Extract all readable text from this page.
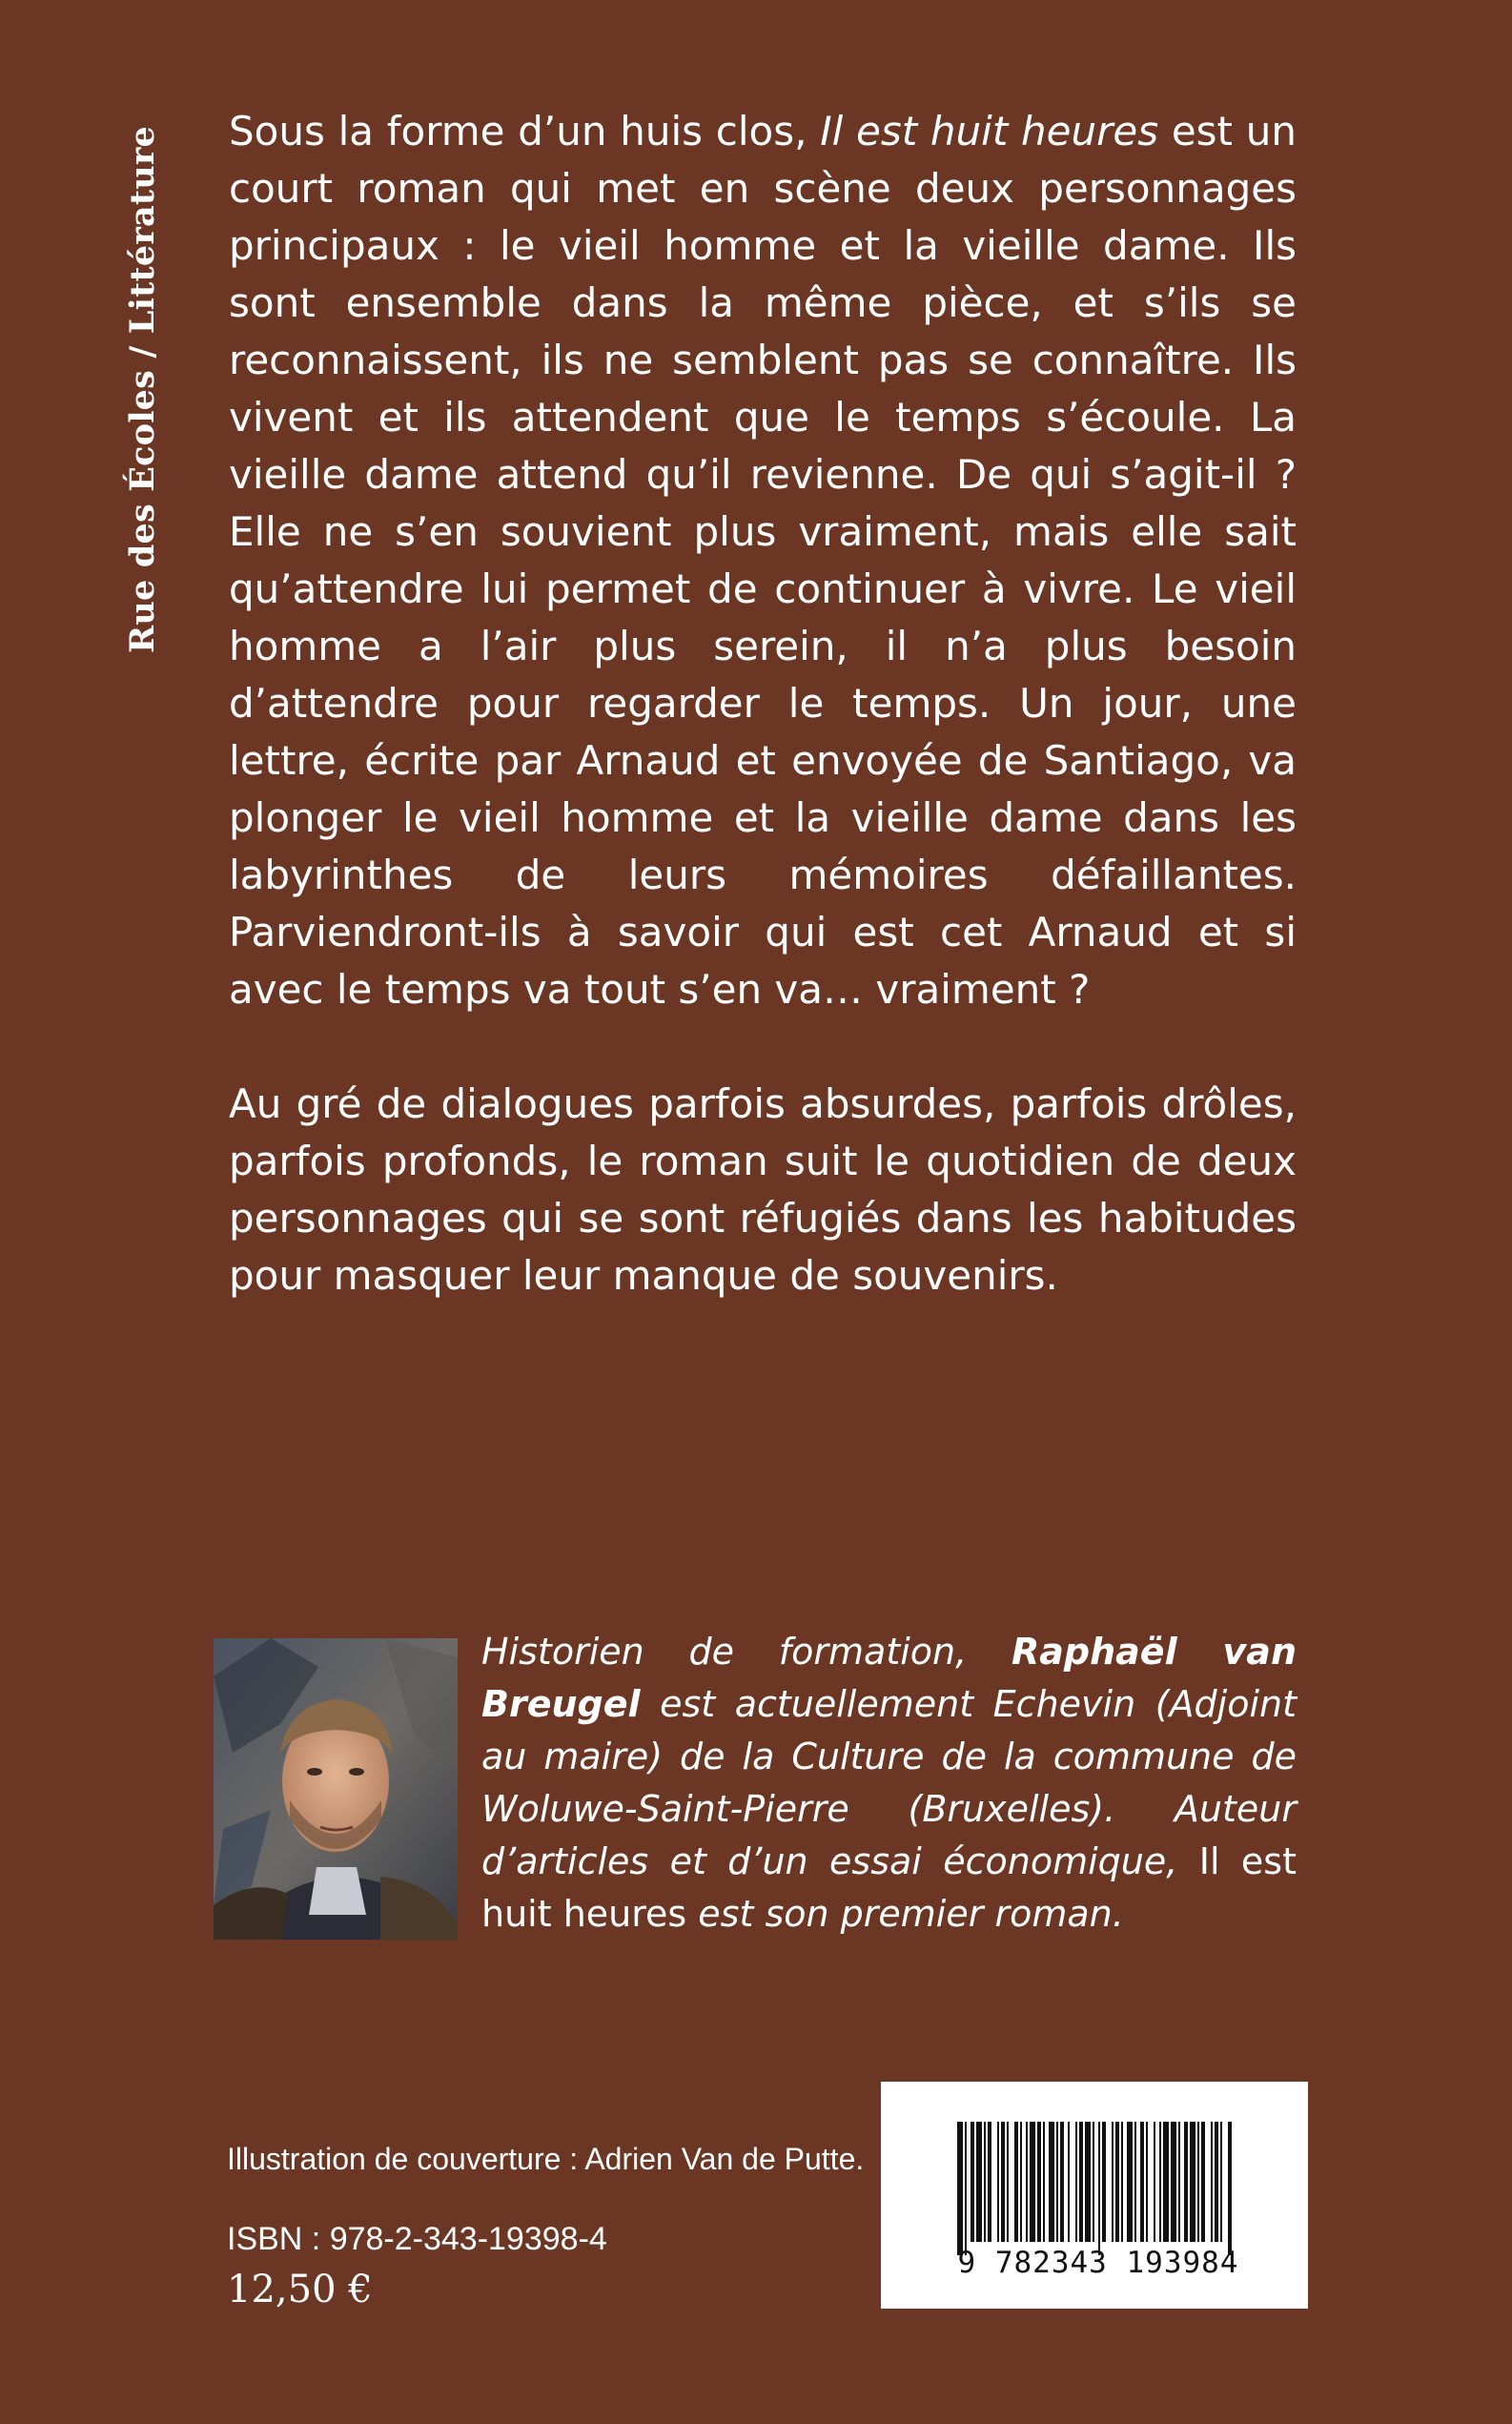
Rue des Écoles / Littérature Sous la forme d’un huis clos, Il est huit heures est un court roman qui met en scène deux personnages principaux : le vieil homme et la vieille dame. Ils sont ensemble dans la même pièce, et s’ils se reconnaissent, ils ne semblent pas se connaître. Ils vivent et ils attendent que le temps s’écoule. La vieille dame attend qu’il revienne. De qui s’agit-il ? Elle ne s’en souvient plus vraiment, mais elle sait qu’attendre lui permet de continuer à vivre. Le vieil homme a l’air plus serein, il n’a plus besoin d’attendre pour regarder le temps. Un jour, une lettre, écrite par Arnaud et envoyée de Santiago, va plonger le vieil homme et la vieille dame dans les labyrinthes de leurs mémoires défaillantes. Parviendront-ils à savoir qui est cet Arnaud et si avec le temps va tout s’en va… vraiment ?

Au gré de dialogues parfois absurdes, parfois drôles, parfois profonds, le roman suit le quotidien de deux personnages qui se sont réfugiés dans les habitudes pour masquer leur manque de souvenirs.

Historien de formation, Raphaël van Breugel est actuellement Echevin (Adjoint au maire) de la Culture de la commune de Woluwe-Saint-Pierre (Bruxelles). Auteur d’articles et d’un essai économique, Il est huit heures est son premier roman.
Illustration de couverture : Adrien Van de Putte.
ISBN : 978-2-343-19398-4
12,50 €
9 782343 193984
